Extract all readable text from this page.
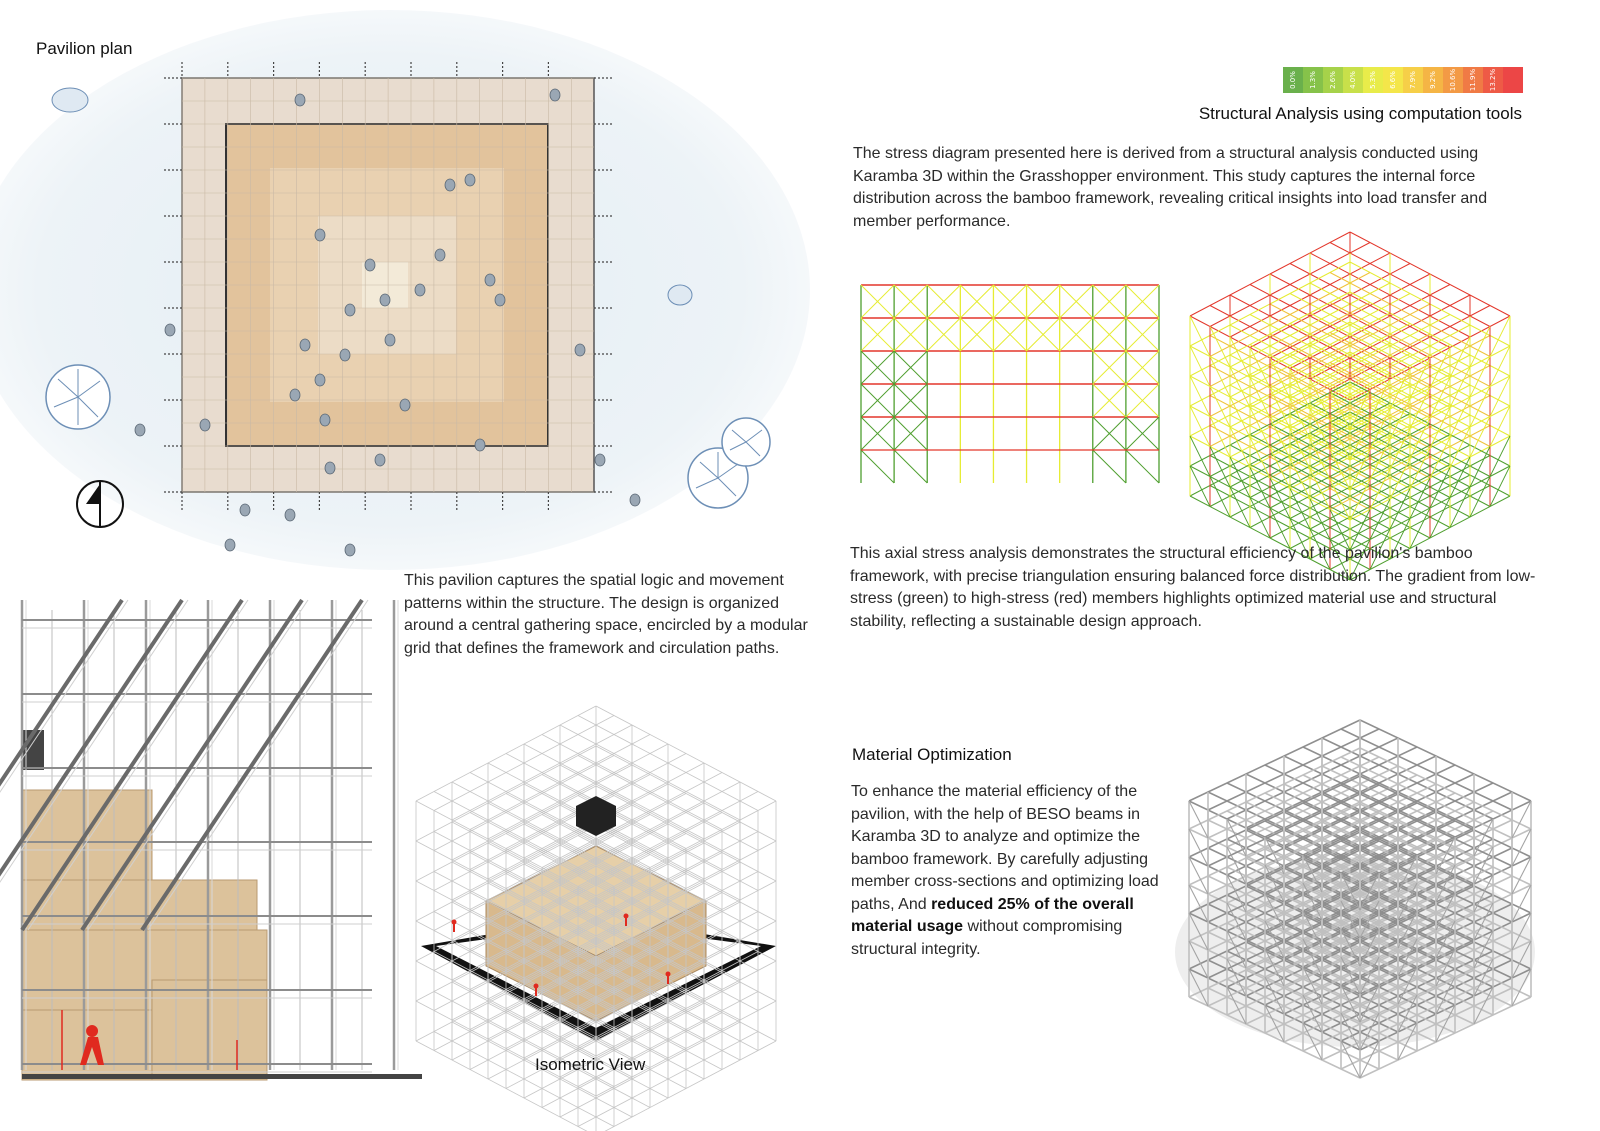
Pavilion plan
0.0% 1.3% 2.6% 4.0% 5.3% 6.6% 7.9% 9.2% 10.6% 11.9% 13.2%
Structural Analysis using computation tools
The stress diagram presented here is derived from a structural analysis conducted using Karamba 3D within the Grasshopper environment. This study captures the internal force distribution across the bamboo framework, revealing critical insights into load transfer and member performance.
This axial stress analysis demonstrates the structural efficiency of the pavilion's bamboo framework, with precise triangulation ensuring balanced force distribution. The gradient from low-stress (green) to high-stress (red) members highlights optimized material use and structural stability, reflecting a sustainable design approach.
This pavilion captures the spatial logic and movement patterns within the structure. The design is organized around a central gathering space, encircled by a modular grid that defines the framework and circulation paths.
Isometric View
Material Optimization
To enhance the material efficiency of the pavilion, with the help of BESO beams in Karamba 3D to analyze and optimize the bamboo framework. By carefully adjusting member cross-sections and optimizing load paths, And reduced 25% of the overall material usage without compromising structural integrity.
